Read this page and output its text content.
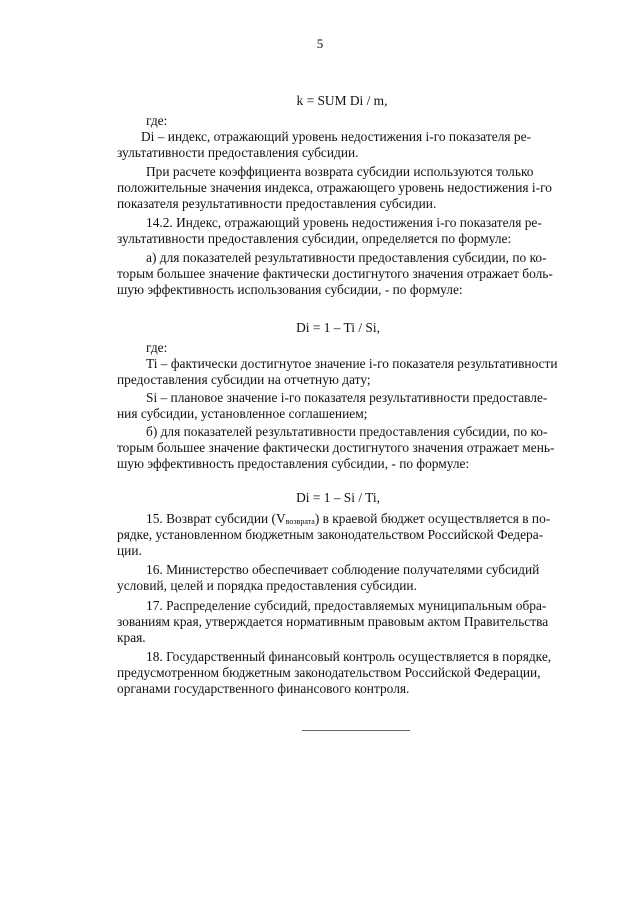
5
k = SUM Di / m,
где:
Di – индекс, отражающий уровень недостижения i-го показателя ре-
зультативности предоставления субсидии.
При расчете коэффициента возврата субсидии используются только
положительные значения индекса, отражающего уровень недостижения i-го
показателя результативности предоставления субсидии.
14.2. Индекс, отражающий уровень недостижения i-го показателя ре-
зультативности предоставления субсидии, определяется по формуле:
а) для показателей результативности предоставления субсидии, по ко-
торым большее значение фактически достигнутого значения отражает боль-
шую эффективность использования субсидии, - по формуле:
Di = 1 – Ti / Si,
где:
Ti – фактически достигнутое значение i-го показателя результативности
предоставления субсидии на отчетную дату;
Si – плановое значение i-го показателя результативности предоставле-
ния субсидии, установленное соглашением;
б) для показателей результативности предоставления субсидии, по ко-
торым большее значение фактически достигнутого значения отражает мень-
шую эффективность предоставления субсидии, - по формуле:
Di = 1 – Si / Ti,
15. Возврат субсидии $(V_{возврата})$ в краевой бюджет осуществляется в по-
рядке, установленном бюджетным законодательством Российской Федера-
ции.
16. Министерство обеспечивает соблюдение получателями субсидий
условий, целей и порядка предоставления субсидии.
17. Распределение субсидий, предоставляемых муниципальным обра-
зованиям края, утверждается нормативным правовым актом Правительства
края.
18. Государственный финансовый контроль осуществляется в порядке,
предусмотренном бюджетным законодательством Российской Федерации,
органами государственного финансового контроля.
